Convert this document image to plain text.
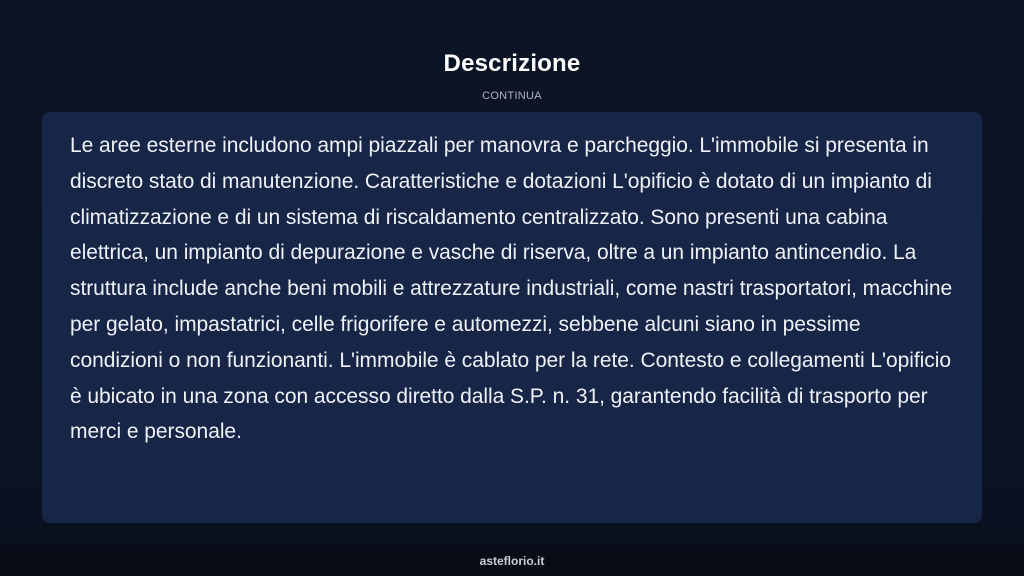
Descrizione
CONTINUA

Le aree esterne includono ampi piazzali per manovra e parcheggio. L'immobile si presenta in discreto stato di manutenzione. Caratteristiche e dotazioni L'opificio è dotato di un impianto di climatizzazione e di un sistema di riscaldamento centralizzato. Sono presenti una cabina elettrica, un impianto di depurazione e vasche di riserva, oltre a un impianto antincendio. La struttura include anche beni mobili e attrezzature industriali, come nastri trasportatori, macchine per gelato, impastatrici, celle frigorifere e automezzi, sebbene alcuni siano in pessime condizioni o non funzionanti. L'immobile è cablato per la rete. Contesto e collegamenti L'opificio è ubicato in una zona con accesso diretto dalla S.P. n. 31, garantendo facilità di trasporto per merci e personale.

asteflorio.it
